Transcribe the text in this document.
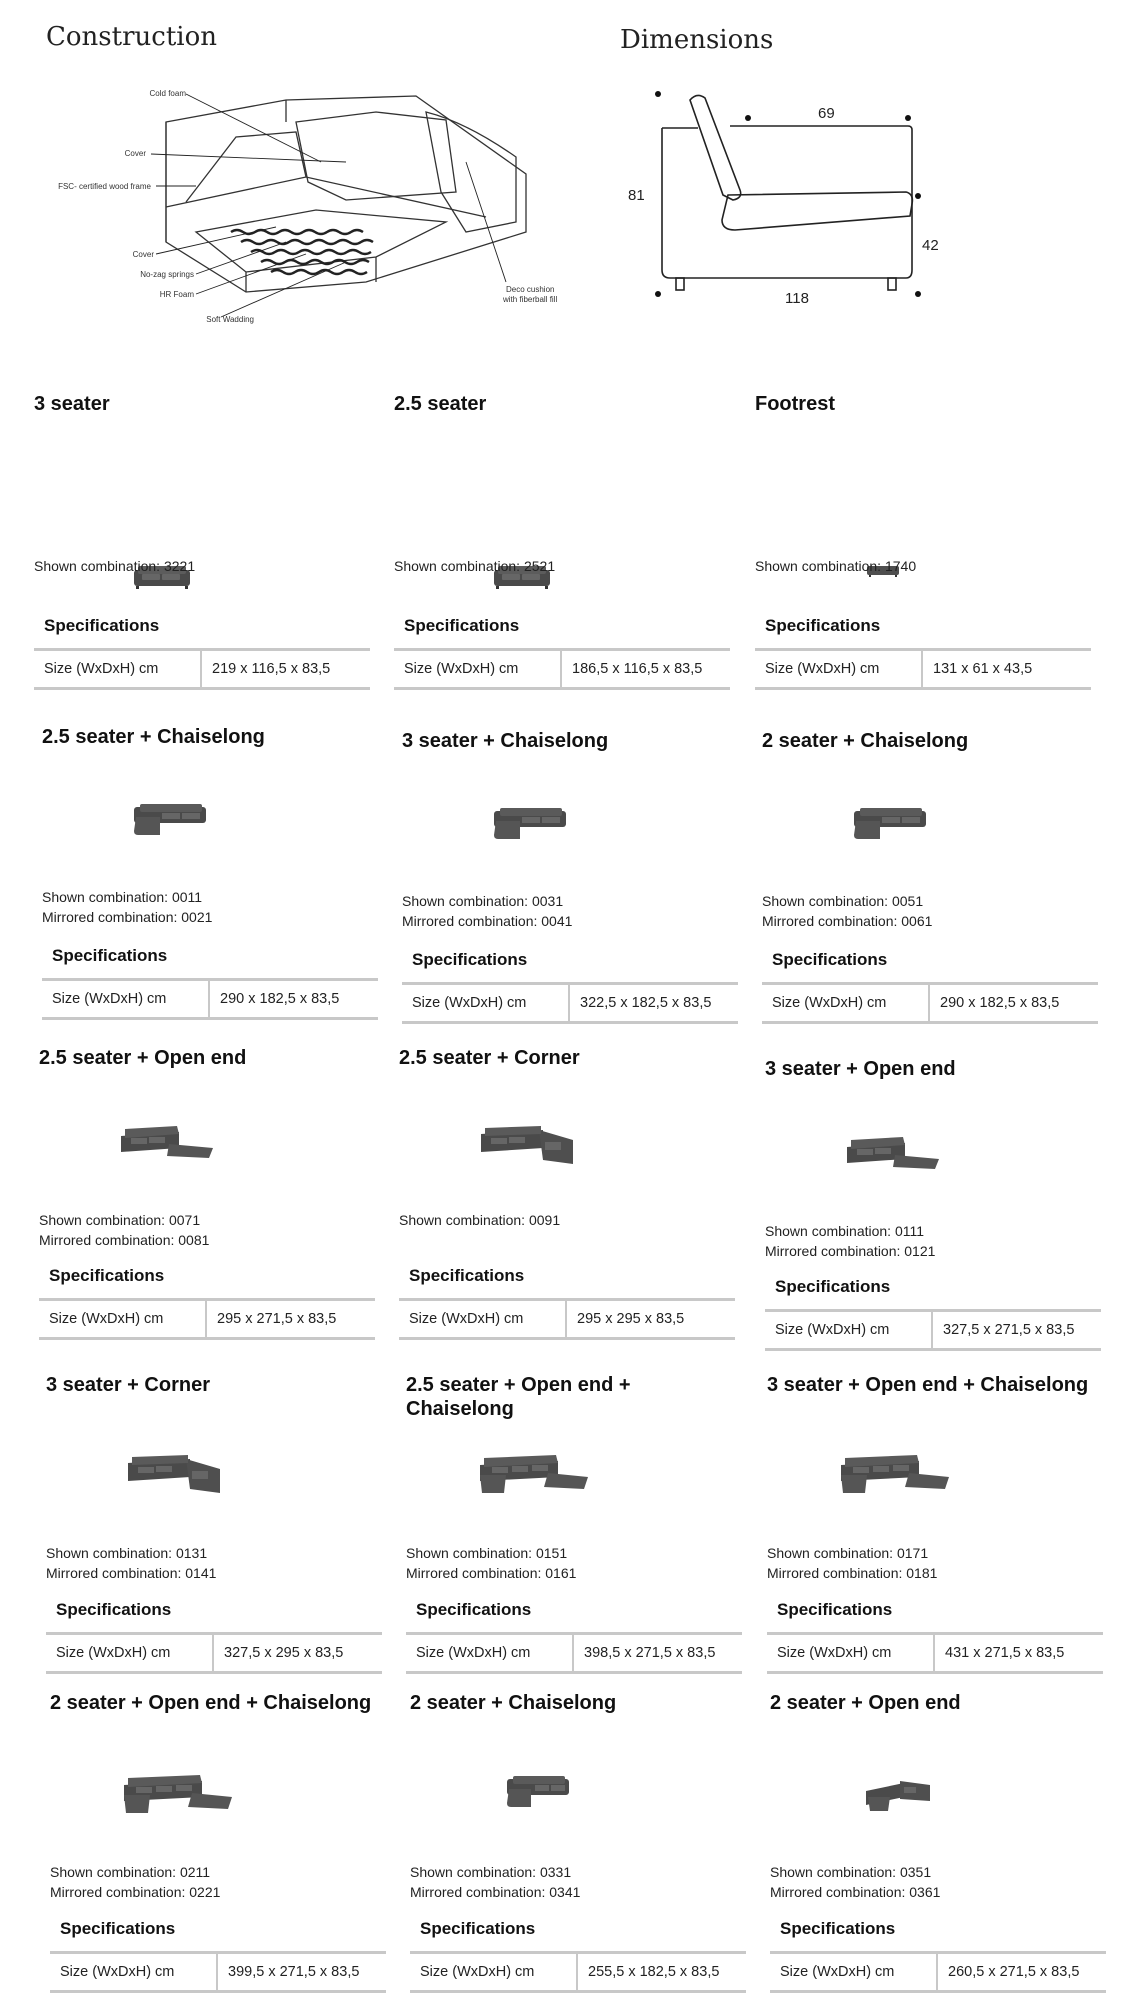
Construction
Cold foam
Cover
FSC- certified wood frame
Cover
No-zag springs
HR Foam
Soft Wadding
Deco cushion
with fiberball fill
Dimensions
69
81
42
118
3 seater
Shown combination: 3221
Specifications
Size (WxDxH) cm	219 x 116,5 x 83,5
2.5 seater
Shown combination: 2521
Specifications
Size (WxDxH) cm	186,5 x 116,5 x 83,5
Footrest
Shown combination: 1740
Specifications
Size (WxDxH) cm	131 x 61 x 43,5
2.5 seater + Chaiselong
Shown combination: 0011
Mirrored combination: 0021
Specifications
Size (WxDxH) cm	290 x 182,5 x 83,5
3 seater + Chaiselong
Shown combination: 0031
Mirrored combination: 0041
Specifications
Size (WxDxH) cm	322,5 x 182,5 x 83,5
2 seater + Chaiselong
Shown combination: 0051
Mirrored combination: 0061
Specifications
Size (WxDxH) cm	290 x 182,5 x 83,5
2.5 seater + Open end
Shown combination: 0071
Mirrored combination: 0081
Specifications
Size (WxDxH) cm	295 x 271,5 x 83,5
2.5 seater + Corner
Shown combination: 0091
Specifications
Size (WxDxH) cm	295 x 295 x 83,5
3 seater + Open end
Shown combination: 0111
Mirrored combination: 0121
Specifications
Size (WxDxH) cm	327,5 x 271,5 x 83,5
3 seater + Corner
Shown combination: 0131
Mirrored combination: 0141
Specifications
Size (WxDxH) cm	327,5 x 295 x 83,5
2.5 seater + Open end + Chaiselong
Shown combination: 0151
Mirrored combination: 0161
Specifications
Size (WxDxH) cm	398,5 x 271,5 x 83,5
3 seater + Open end + Chaiselong
Shown combination: 0171
Mirrored combination: 0181
Specifications
Size (WxDxH) cm	431 x 271,5 x 83,5
2 seater + Open end + Chaiselong
Shown combination: 0211
Mirrored combination: 0221
Specifications
Size (WxDxH) cm	399,5 x 271,5 x 83,5
2 seater + Chaiselong
Shown combination: 0331
Mirrored combination: 0341
Specifications
Size (WxDxH) cm	255,5 x 182,5 x 83,5
2 seater + Open end
Shown combination: 0351
Mirrored combination: 0361
Specifications
Size (WxDxH) cm	260,5 x 271,5 x 83,5
